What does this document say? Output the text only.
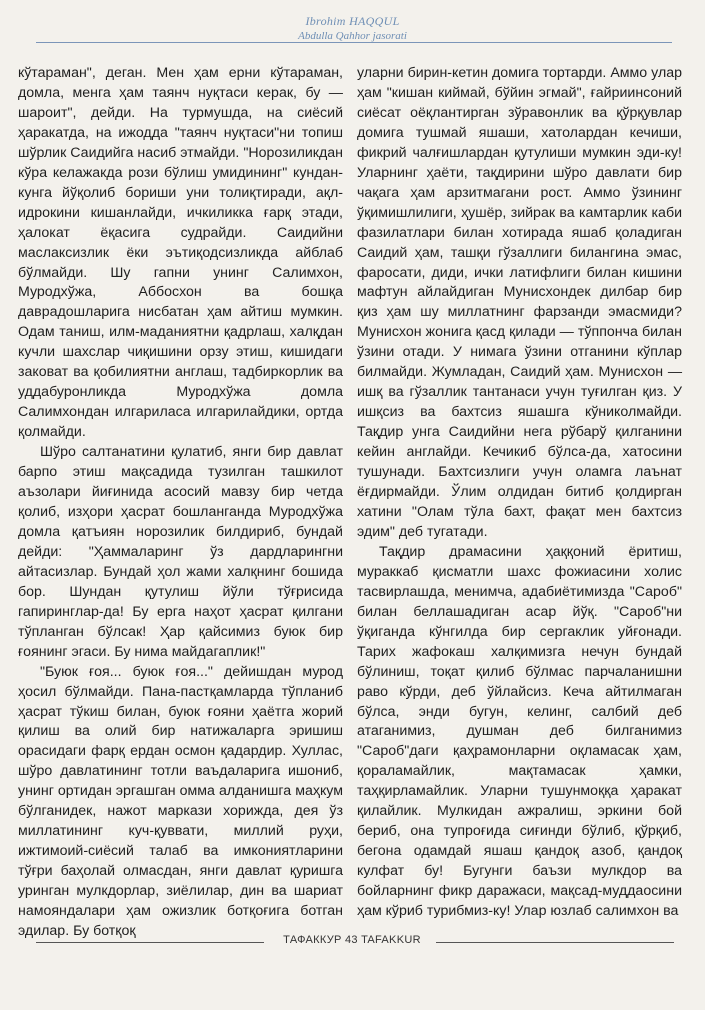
Ibrohim HAQQUL
Abdulla Qahhor jasorati

кўтараман", деган. Мен ҳам ерни кўтараман, домла, менга ҳам таянч нуқтаси керак, бу — шароит", дейди. На турмушда, на сиёсий ҳаракатда, на ижодда "таянч нуқтаси"ни топиш шўрлик Саидийга насиб этмайди. "Норозиликдан кўра келажакда рози бўлиш умидининг" кундан-кунга йўқолиб бориши уни толиқтиради, ақл-идрокини кишанлайди, ичкиликка ғарқ этади, ҳалокат ёқасига судрайди. Саидийни маслаксизлик ёки эътиқодсизликда айблаб бўлмайди. Шу гапни унинг Салимхон, Муродхўжа, Аббосхон ва бошқа даврадошларига нисбатан ҳам айтиш мумкин. Одам таниш, илм-маданиятни қадрлаш, халқдан кучли шахслар чиқишини орзу этиш, кишидаги заковат ва қобилиятни англаш, тадбиркорлик ва уддабуронликда Муродхўжа домла Салимхондан илгариласа илгарилайдики, ортда қолмайди.

Шўро салтанатини қулатиб, янги бир давлат барпо этиш мақсадида тузилган ташкилот аъзолари йиғинида асосий мавзу бир четда қолиб, изҳори ҳасрат бошланганда Муродхўжа домла қатъиян норозилик билдириб, бундай дейди: "Ҳаммаларинг ўз дардларингни айтасизлар. Бундай ҳол жами халқнинг бошида бор. Шундан қутулиш йўли тўғрисида гапиринглар-да! Бу ерга наҳот ҳасрат қилгани тўпланган бўлсак! Ҳар қайсимиз буюк бир ғоянинг эгаси. Бу нима майдагаплик!"

"Буюк ғоя... буюк ғоя..." дейишдан мурод ҳосил бўлмайди. Пана-пастқамларда тўпланиб ҳасрат тўкиш билан, буюк ғояни ҳаётга жорий қилиш ва олий бир натижаларга эришиш орасидаги фарқ ердан осмон қадардир. Хуллас, шўро давлатининг тотли ваъдаларига ишониб, унинг ортидан эргашган омма алданишга маҳкум бўлганидек, нажот маркази хорижда, дея ўз миллатининг куч-қуввати, миллий руҳи, ижтимоий-сиёсий талаб ва имкониятларини тўғри баҳолай олмасдан, янги давлат қуришга уринган мулкдорлар, зиёлилар, дин ва шариат намояндалари ҳам ожизлик ботқоғига ботган эдилар. Бу ботқоқ

уларни бирин-кетин домига тортарди. Аммо улар ҳам "кишан киймай, бўйин эгмай", ғайриинсоний сиёсат оёқлантирган зўравонлик ва қўрқувлар домига тушмай яшаши, хатолардан кечиши, фикрий чалғишлардан қутулиши мумкин эди-ку! Уларнинг ҳаёти, тақдирини шўро давлати бир чақага ҳам арзитмагани рост. Аммо ўзининг ўқимишлилиги, ҳушёр, зийрак ва камтарлик каби фазилатлари билан хотирада яшаб қоладиган Саидий ҳам, ташқи гўзаллиги билангина эмас, фаросати, диди, ички латифлиги билан кишини мафтун айлайдиган Мунисхондек дилбар бир қиз ҳам шу миллатнинг фарзанди эмасмиди? Мунисхон жонига қасд қилади — тўппонча билан ўзини отади. У нимага ўзини отганини кўплар билмайди. Жумладан, Саидий ҳам. Мунисхон — ишқ ва гўзаллик тантанаси учун туғилган қиз. У ишқсиз ва бахтсиз яшашга кўниколмайди. Тақдир унга Саидийни нега рўбарў қилганини кейин англайди. Кечикиб бўлса-да, хатосини тушунади. Бахтсизлиги учун оламга лаънат ёғдирмайди. Ўлим олдидан битиб қолдирган хатини "Олам тўла бахт, фақат мен бахтсиз эдим" деб тугатади.

Тақдир драмасини ҳаққоний ёритиш, мураккаб қисматли шахс фожиасини холис тасвирлашда, менимча, адабиётимизда "Сароб" билан беллашадиган асар йўқ. "Сароб"ни ўқиганда кўнгилда бир сергаклик уйғонади. Тарих жафокаш халқимизга нечун бундай бўлиниш, тоқат қилиб бўлмас парчаланишни раво кўрди, деб ўйлайсиз. Кеча айтилмаган бўлса, энди бугун, келинг, салбий деб атаганимиз, душман деб билганимиз "Сароб"даги қаҳрамонларни оқламасак ҳам, қораламайлик, мақтамасак ҳамки, таҳқирламайлик. Уларни тушунмоққа ҳаракат қилайлик. Мулкидан ажралиш, эркини бой бериб, она тупроғида сиғинди бўлиб, қўрқиб, бегона одамдай яшаш қандоқ азоб, қандоқ кулфат бу! Бугунги баъзи мулкдор ва бойларнинг фикр даражаси, мақсад-муддаосини ҳам кўриб турибмиз-ку! Улар юзлаб салимхон ва

ТАФАККУР 43 TAFAKKUR
